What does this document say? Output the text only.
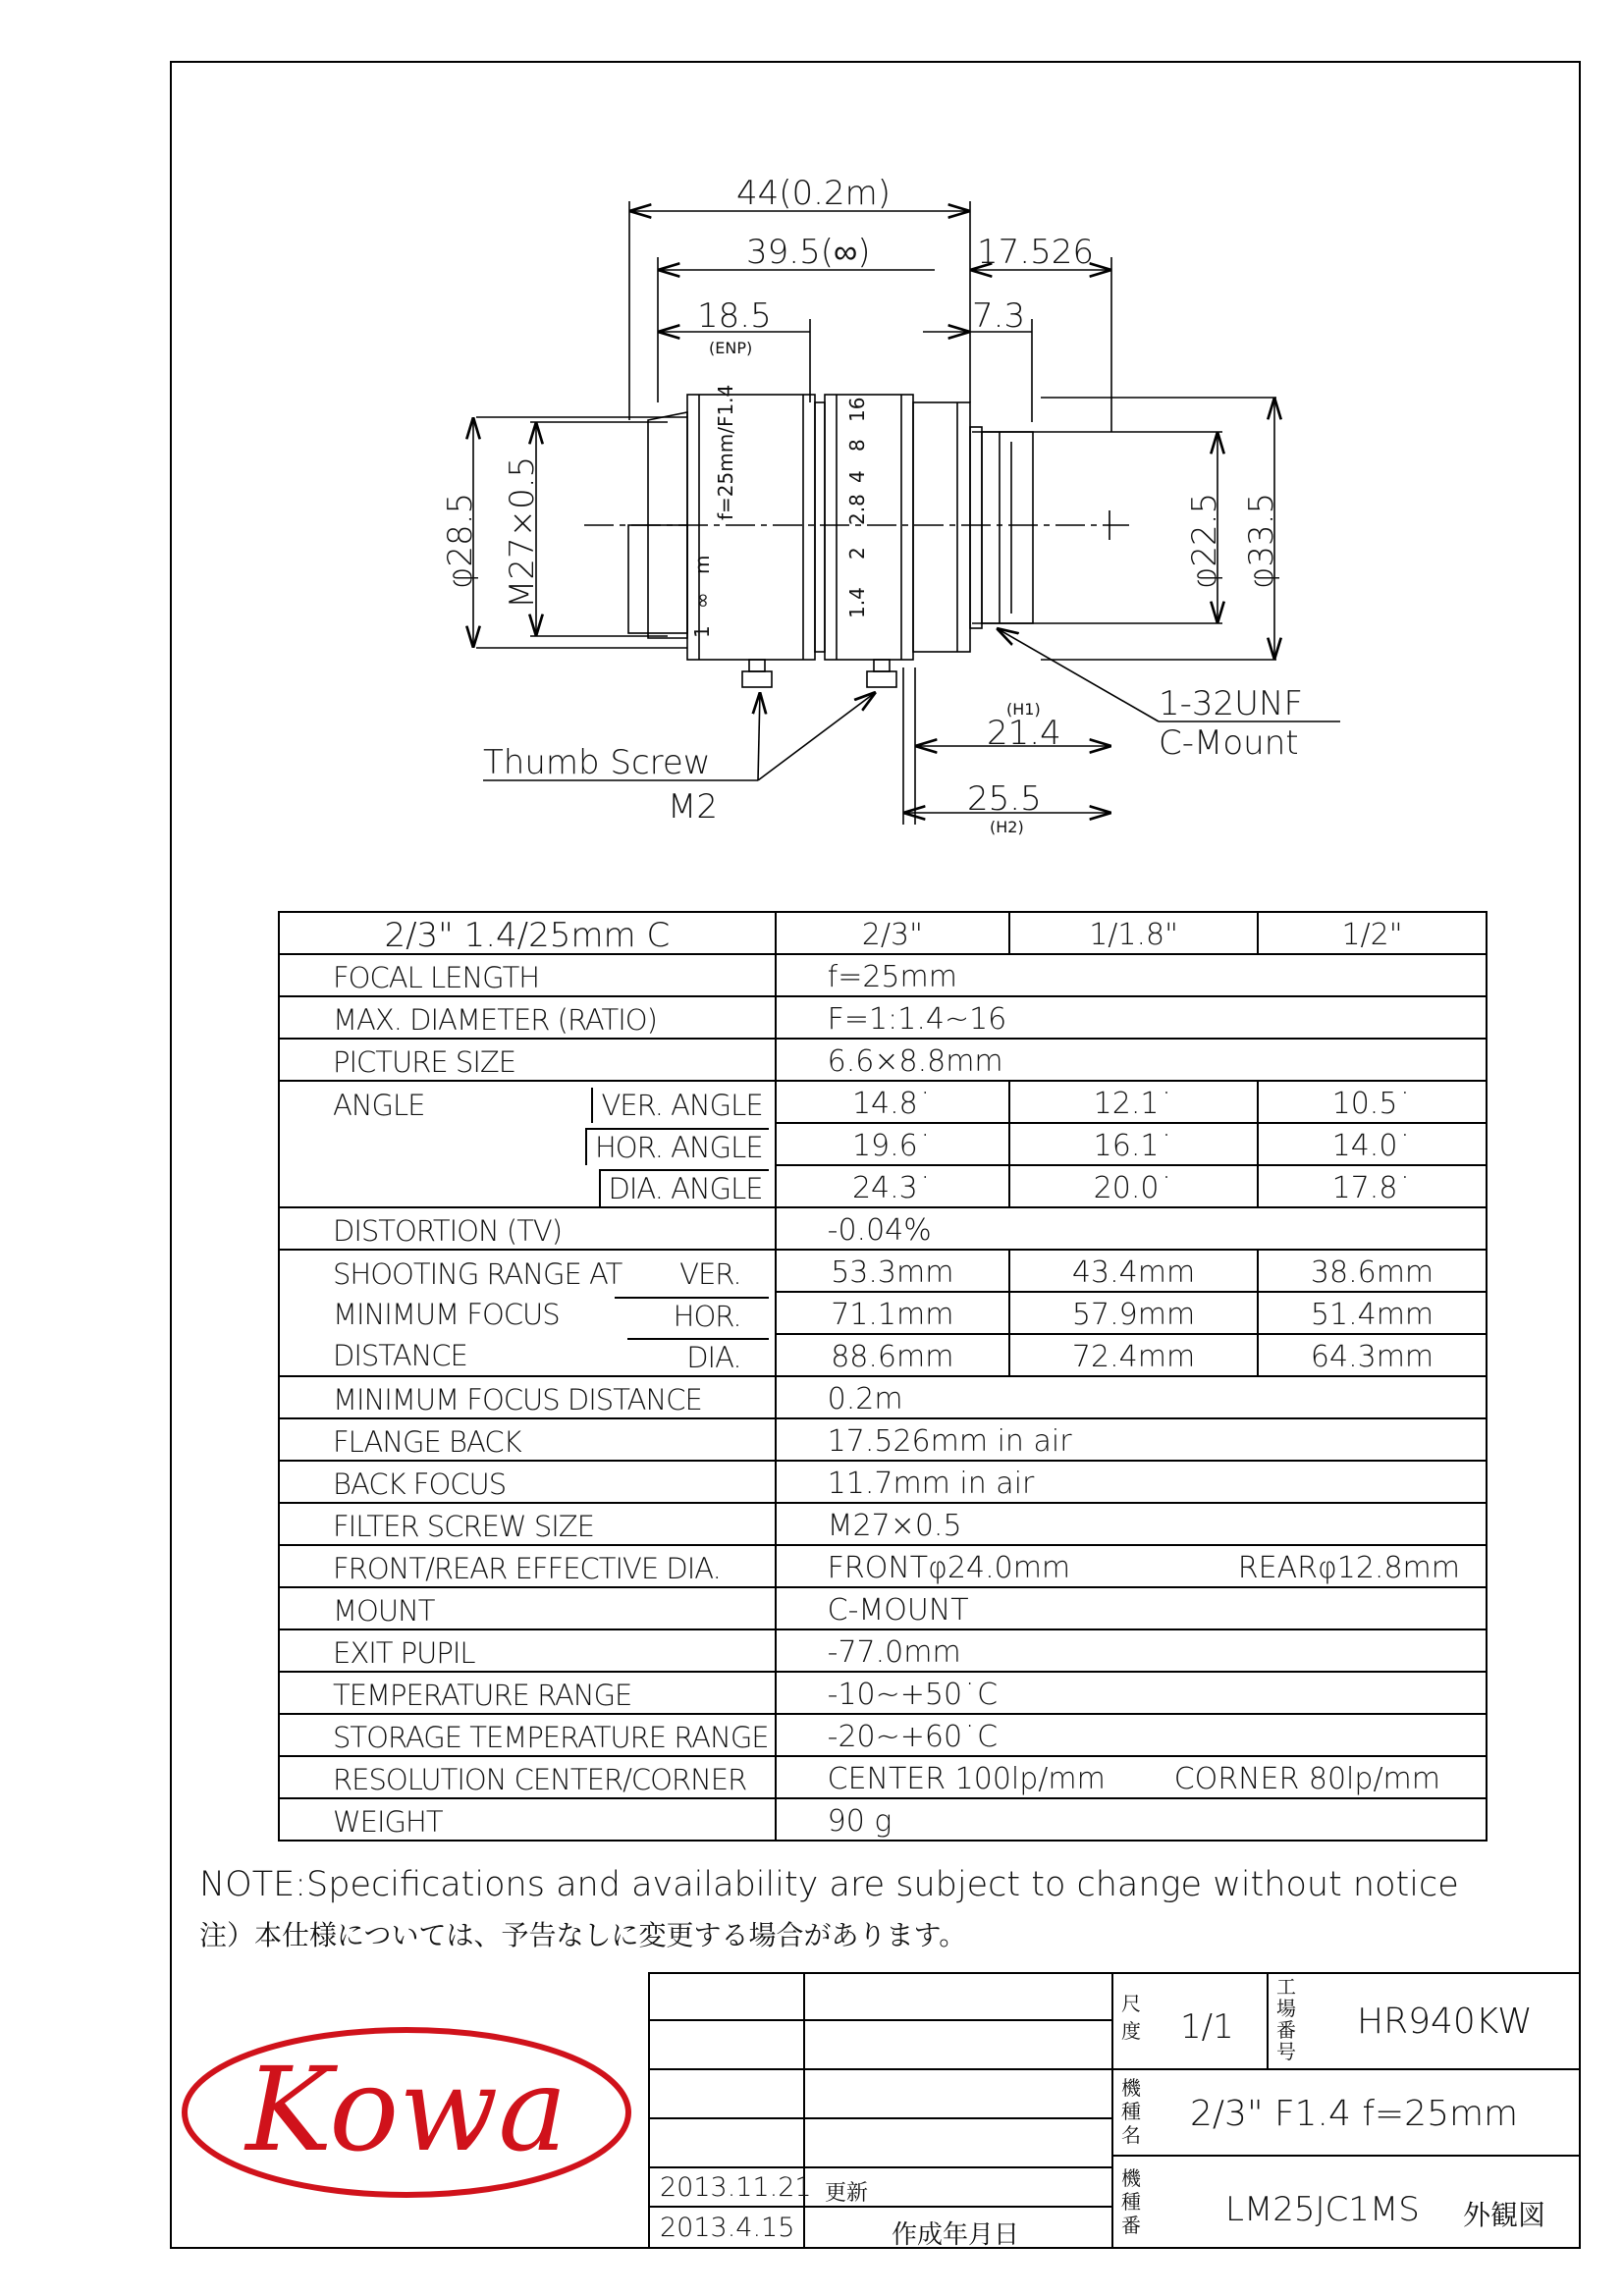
44(0.2m)
39.5(∞)	17.526
18.5
(ENP)
7.3
φ28.5 M27×0.5	φ22.5 φ33.5
(H1)
21.4
25.5
(H2)
1-32UNF
C-Mount
Thumb Screw
M2
f=25mm/F1.4	16
8
4
2.8
2
1.4
m
∞
1
2/3" 1.4/25mm C	2/3"	1/1.8"	1/2"
FOCAL LENGTH	f=25mm		
MAX. DIAMETER (RATIO)	F=1:1.4~16		
PICTURE SIZE	6.6×8.8mm		
ANGLE VER. ANGLE	14.8˙	12.1˙	10.5˙

HOR. ANGLE	19.6˙	16.1˙	14.0˙

DIA. ANGLE	24.3˙	20.0˙	17.8˙
DISTORTION (TV)	-0.04%		
SHOOTING RANGE AT VER.	53.3mm	43.4mm	38.6mm
MINIMUM FOCUS HOR.	71.1mm	57.9mm	51.4mm
DISTANCE DIA.	88.6mm	72.4mm	64.3mm
MINIMUM FOCUS DISTANCE	0.2m		
FLANGE BACK	17.526mm in air		
BACK FOCUS	11.7mm in air		
FILTER SCREW SIZE	M27×0.5		
FRONT/REAR EFFECTIVE DIA.	FRONTφ24.0mm REARφ12.8mm		

MOUNT	C-MOUNT		
EXIT PUPIL	-77.0mm		
TEMPERATURE RANGE	-10~+50˙C		
STORAGE TEMPERATURE RANGE	-20~+60˙C		
RESOLUTION CENTER/CORNER	CENTER 100lp/mm CORNER 80lp/mm		

WEIGHT	90 g		
NOTE:Specifications and availability are subject to change without notice
注）本仕様については、予告なしに変更する場合があります。
Kowa
2013.11.21 更新
2013.4.15	作成年月日
尺度 1/1
工場番号
HR940KW
機種名
2/3" F1.4 f=25mm
機種番	LM25JC1MS 外観図
